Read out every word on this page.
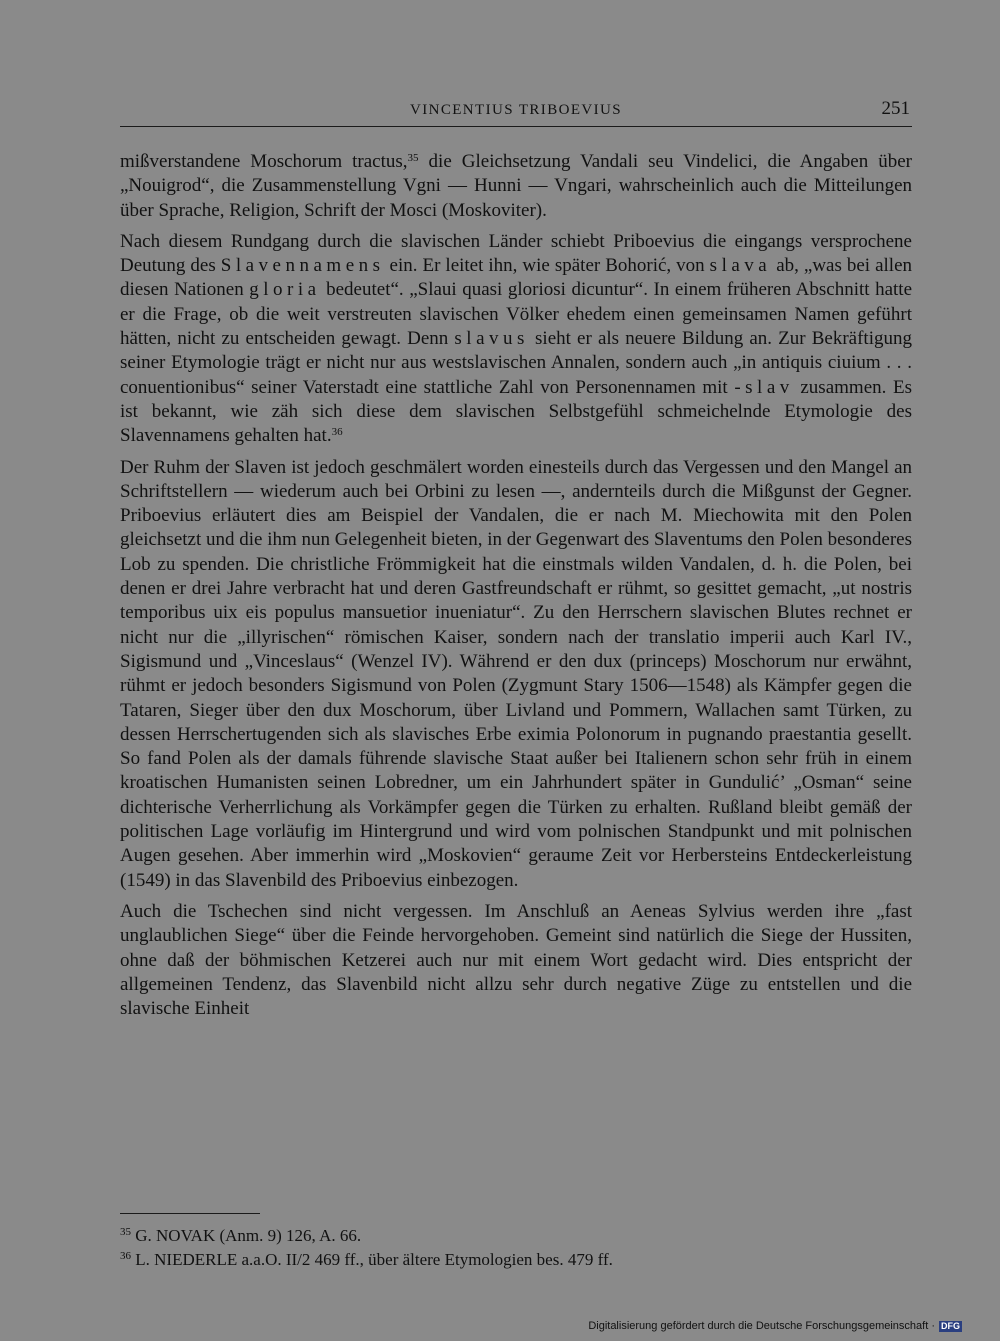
VINCENTIUS TRIBOEVIUS	251

mißverstandene Moschorum tractus,$^{35}$ die Gleichsetzung Vandali seu Vindelici, die Angaben über „Nouigrod“, die Zusammenstellung Vgni — Hunni — Vngari, wahrscheinlich auch die Mitteilungen über Sprache, Religion, Schrift der Mosci (Moskoviter).

Nach diesem Rundgang durch die slavischen Länder schiebt Priboevius die eingangs versprochene Deutung des Slavennamens ein. Er leitet ihn, wie später Bohorić, von slava ab, „was bei allen diesen Nationen gloria bedeutet“. „Slaui quasi gloriosi dicuntur“. In einem früheren Abschnitt hatte er die Frage, ob die weit verstreuten slavischen Völker ehedem einen gemeinsamen Namen geführt hätten, nicht zu entscheiden gewagt. Denn slavus sieht er als neuere Bildung an. Zur Bekräftigung seiner Etymologie trägt er nicht nur aus westslavischen Annalen, sondern auch „in antiquis ciuium . . . conuentionibus“ seiner Vaterstadt eine stattliche Zahl von Personennamen mit -slav zusammen. Es ist bekannt, wie zäh sich diese dem slavischen Selbstgefühl schmeichelnde Etymologie des Slavennamens gehalten hat.$^{36}$

Der Ruhm der Slaven ist jedoch geschmälert worden einesteils durch das Vergessen und den Mangel an Schriftstellern — wiederum auch bei Orbini zu lesen —, andernteils durch die Mißgunst der Gegner. Priboevius erläutert dies am Beispiel der Vandalen, die er nach M. Miechowita mit den Polen gleichsetzt und die ihm nun Gelegenheit bieten, in der Gegenwart des Slaventums den Polen besonderes Lob zu spenden. Die christliche Frömmigkeit hat die einstmals wilden Vandalen, d. h. die Polen, bei denen er drei Jahre verbracht hat und deren Gastfreundschaft er rühmt, so gesittet gemacht, „ut nostris temporibus uix eis populus mansuetior inueniatur“. Zu den Herrschern slavischen Blutes rechnet er nicht nur die „illyrischen“ römischen Kaiser, sondern nach der translatio imperii auch Karl IV., Sigismund und „Vinceslaus“ (Wenzel IV). Während er den dux (princeps) Moschorum nur erwähnt, rühmt er jedoch besonders Sigismund von Polen (Zygmunt Stary 1506—1548) als Kämpfer gegen die Tataren, Sieger über den dux Moschorum, über Livland und Pommern, Wallachen samt Türken, zu dessen Herrschertugenden sich als slavisches Erbe eximia Polonorum in pugnando praestantia gesellt. So fand Polen als der damals führende slavische Staat außer bei Italienern schon sehr früh in einem kroatischen Humanisten seinen Lobredner, um ein Jahrhundert später in Gundulić’ „Osman“ seine dichterische Verherrlichung als Vorkämpfer gegen die Türken zu erhalten. Rußland bleibt gemäß der politischen Lage vorläufig im Hintergrund und wird vom polnischen Standpunkt und mit polnischen Augen gesehen. Aber immerhin wird „Moskovien“ geraume Zeit vor Herbersteins Entdeckerleistung (1549) in das Slavenbild des Priboevius einbezogen.

Auch die Tschechen sind nicht vergessen. Im Anschluß an Aeneas Sylvius werden ihre „fast unglaublichen Siege“ über die Feinde hervorgehoben. Gemeint sind natürlich die Siege der Hussiten, ohne daß der böhmischen Ketzerei auch nur mit einem Wort gedacht wird. Dies entspricht der allgemeinen Tendenz, das Slavenbild nicht allzu sehr durch negative Züge zu entstellen und die slavische Einheit

$^{35}$ G. NOVAK (Anm. 9) 126, A. 66.
$^{36}$ L. NIEDERLE a.a.O. II/2 469 ff., über ältere Etymologien bes. 479 ff.
Digitalisierung gefördert durch die Deutsche Forschungsgemeinschaft · DFG
